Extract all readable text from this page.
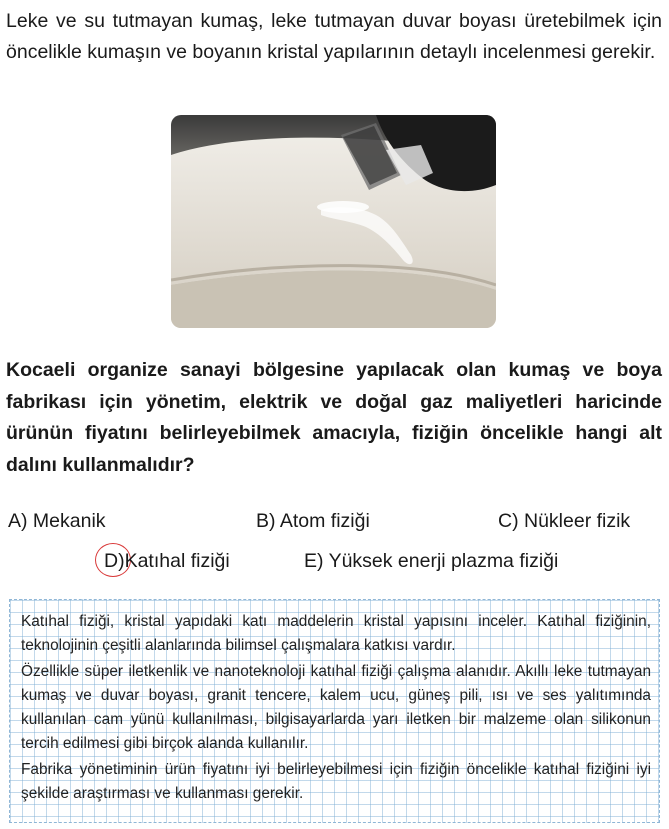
Leke ve su tutmayan kumaş, leke tutmayan duvar boyası üretebilmek için öncelikle kumaşın ve boyanın kristal yapılarının detaylı incelenmesi gerekir.

Kocaeli organize sanayi bölgesine yapılacak olan kumaş ve boya fabrikası için yönetim, elektrik ve doğal gaz maliyetleri haricinde ürünün fiyatını belirleyebilmek amacıyla, fiziğin öncelikle hangi alt dalını kullanmalıdır?

A) Mekanik	B) Atom fiziği	C) Nükleer fizik
D)Katıhal fiziği	E) Yüksek enerji plazma fiziği

Katıhal fiziği, kristal yapıdaki katı maddelerin kristal yapısını inceler. Katıhal fiziğinin, teknolojinin çeşitli alanlarında bilimsel çalışmalara katkısı vardır.

Özellikle süper iletkenlik ve nanoteknoloji katıhal fiziği çalışma alanıdır. Akıllı leke tutmayan kumaş ve duvar boyası, granit tencere, kalem ucu, güneş pili, ısı ve ses yalıtımında kullanılan cam yünü kullanılması, bilgisayarlarda yarı iletken bir malzeme olan silikonun tercih edilmesi gibi birçok alanda kullanılır.

Fabrika yönetiminin ürün fiyatını iyi belirleyebilmesi için fiziğin öncelikle katıhal fiziğini iyi şekilde araştırması ve kullanması gerekir.
